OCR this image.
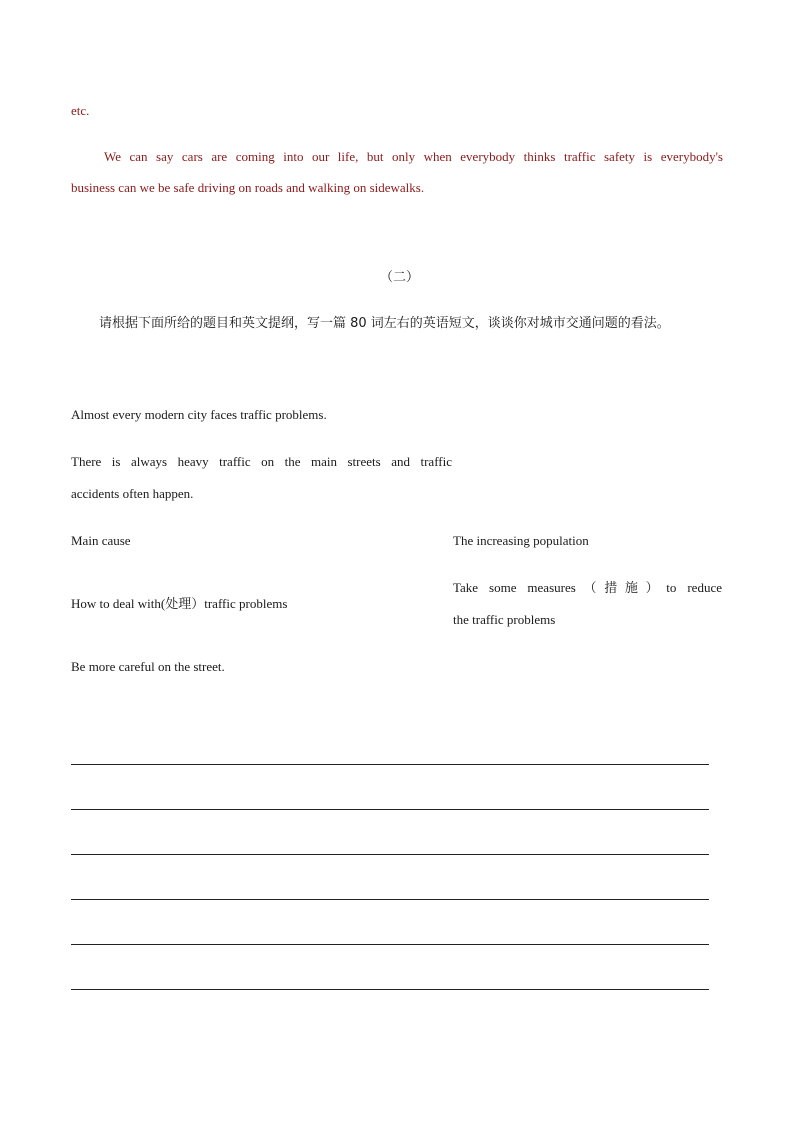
etc.
We can say cars are coming into our life, but only when everybody thinks traffic safety is everybody's
business can we be safe driving on roads and walking on sidewalks.
（二）
请根据下面所给的题目和英文提纲，写一篇 80 词左右的英语短文，谈谈你对城市交通问题的看法。
Almost every modern city faces traffic problems.
There is always heavy traffic on the main streets and traffic
accidents often happen.
Main cause	The increasing population
How to deal with(处理）traffic problems
Take some measures（措施）to reduce
the traffic problems
Be more careful on the street.
